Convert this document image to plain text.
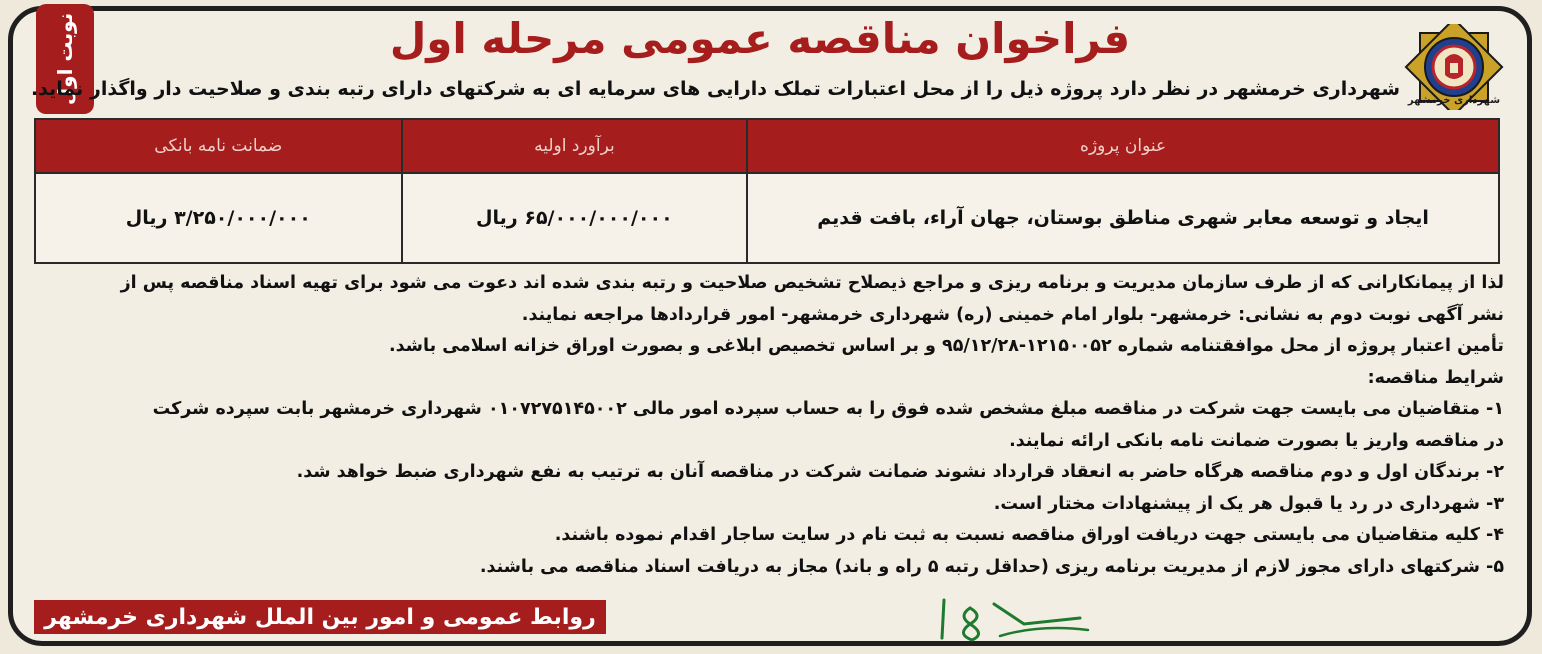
نوبت اول	شهرداری خرمشهر
فراخوان مناقصه عمومی مرحله اول
شهرداری خرمشهر در نظر دارد پروژه ذیل را از محل اعتبارات تملک دارایی های سرمایه ای به شرکتهای دارای رتبه بندی و صلاحیت دار واگذار نماید.
عنوان پروژه	برآورد اولیه	ضمانت نامه بانکی
ایجاد و توسعه معابر شهری مناطق بوستان، جهان آراء، بافت قدیم	۶۵/۰۰۰/۰۰۰/۰۰۰ ریال	۳/۲۵۰/۰۰۰/۰۰۰ ریال

لذا از پیمانکارانی که از طرف سازمان مدیریت و برنامه ریزی و مراجع ذیصلاح تشخیص صلاحیت و رتبه بندی شده اند دعوت می شود برای تهیه اسناد مناقصه پس از

نشر آگهی نوبت دوم به نشانی: خرمشهر- بلوار امام خمینی (ره) شهرداری خرمشهر- امور قراردادها مراجعه نمایند.

تأمین اعتبار پروژه از محل موافقتنامه شماره ۱۲۱۵۰۰۵۲-۹۵/۱۲/۲۸ و بر اساس تخصیص ابلاغی و بصورت اوراق خزانه اسلامی باشد.

شرایط مناقصه:

۱- متقاضیان می بایست جهت شرکت در مناقصه مبلغ مشخص شده فوق را به حساب سپرده امور مالی ۰۱۰۷۲۷۵۱۴۵۰۰۲ شهرداری خرمشهر بابت سپرده شرکت

در مناقصه واریز یا بصورت ضمانت نامه بانکی ارائه نمایند.

۲- برندگان اول و دوم مناقصه هرگاه حاضر به انعقاد قرارداد نشوند ضمانت شرکت در مناقصه آنان به ترتیب به نفع شهرداری ضبط خواهد شد.

۳- شهرداری در رد یا قبول هر یک از پیشنهادات مختار است.

۴- کلیه متقاضیان می بایستی جهت دریافت اوراق مناقصه نسبت به ثبت نام در سایت ساجار اقدام نموده باشند.

۵- شرکتهای دارای مجوز لازم از مدیریت برنامه ریزی (حداقل رتبه ۵ راه و باند) مجاز به دریافت اسناد مناقصه می باشند.

روابط عمومی و امور بین الملل شهرداری خرمشهر
